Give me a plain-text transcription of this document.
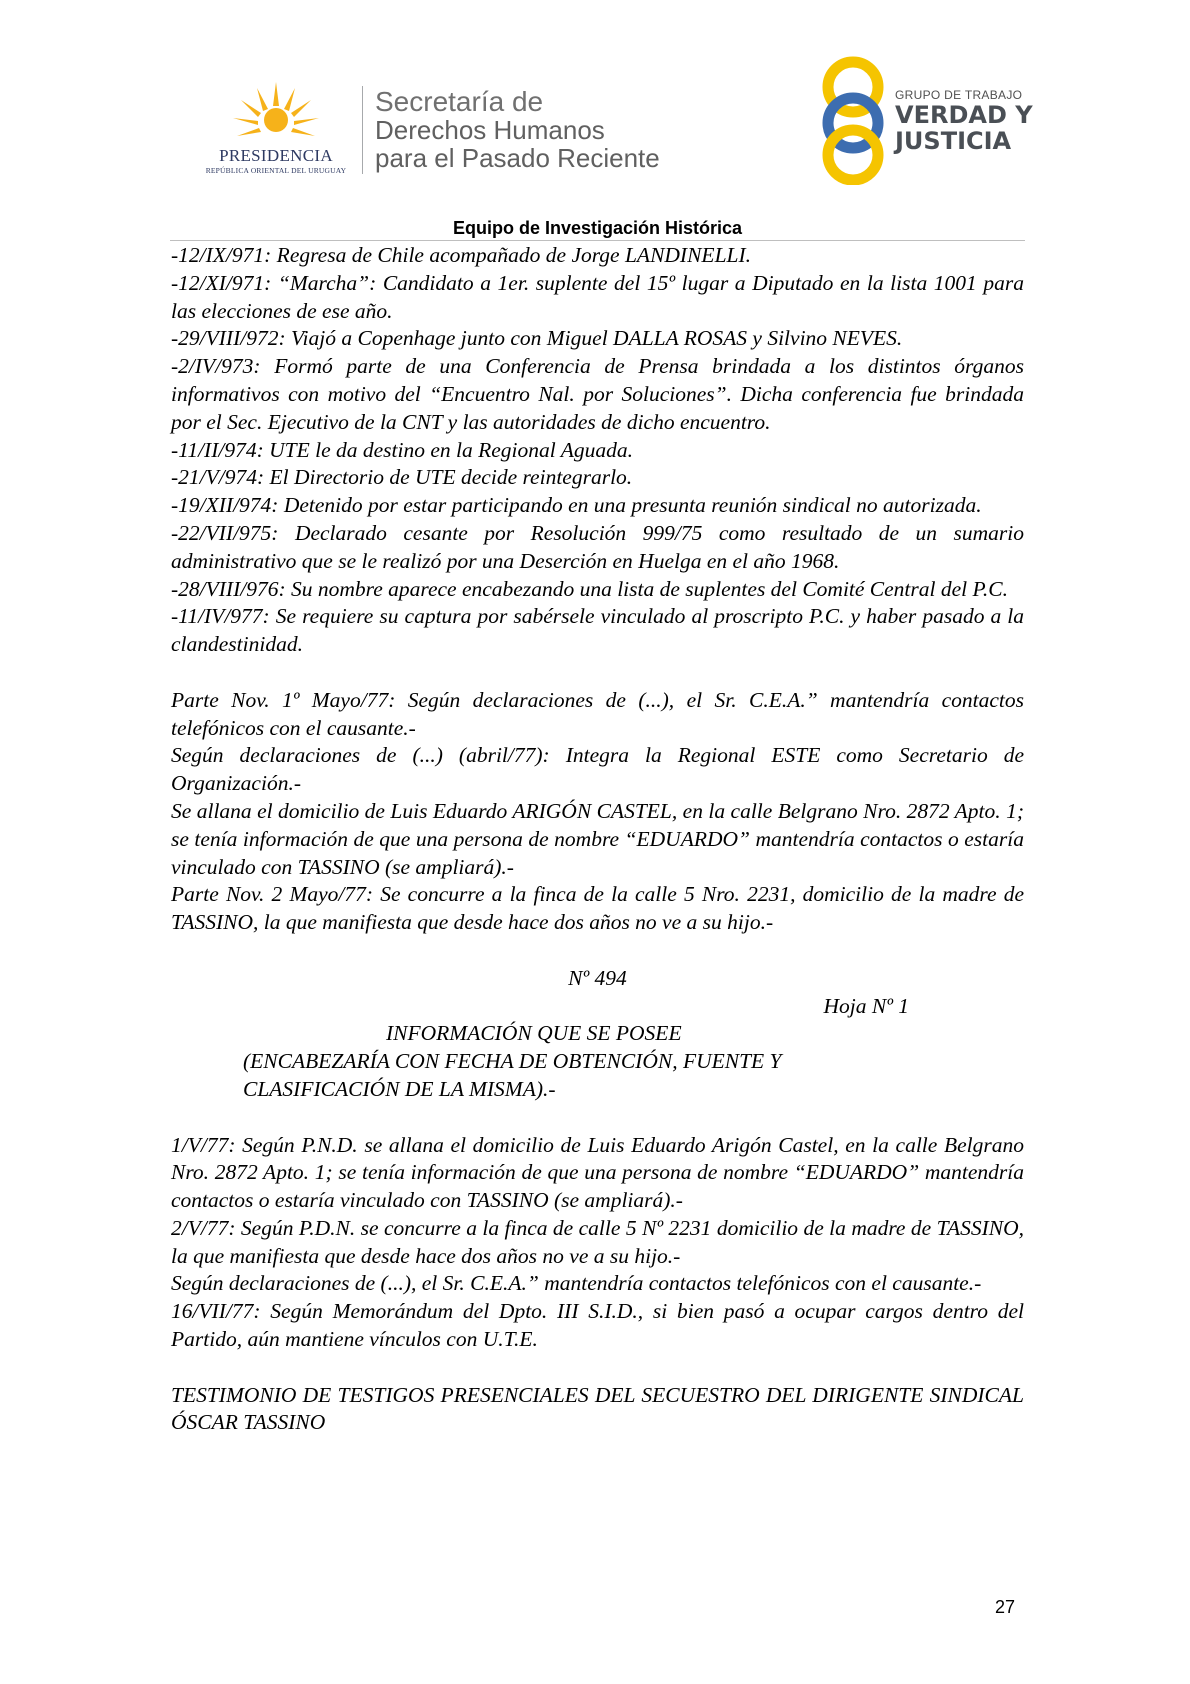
PRESIDENCIA
REPÚBLICA ORIENTAL DEL URUGUAY
Secretaría de
Derechos Humanos
para el Pasado Reciente
GRUPO DE TRABAJO
VERDAD Y
JUSTICIA
Equipo de Investigación Histórica

-12/IX/971: Regresa de Chile acompañado de Jorge LANDINELLI.

-12/XI/971: “Marcha”: Candidato a 1er. suplente del 15º lugar a Diputado en la lista 1001 para las elecciones de ese año.

-29/VIII/972: Viajó a Copenhage junto con Miguel DALLA ROSAS y Silvino NEVES.

-2/IV/973: Formó parte de una Conferencia de Prensa brindada a los distintos órganos informativos con motivo del “Encuentro Nal. por Soluciones”. Dicha conferencia fue brindada por el Sec. Ejecutivo de la CNT y las autoridades de dicho encuentro.

-11/II/974: UTE le da destino en la Regional Aguada.

-21/V/974: El Directorio de UTE decide reintegrarlo.

-19/XII/974: Detenido por estar participando en una presunta reunión sindical no autorizada.

-22/VII/975: Declarado cesante por Resolución 999/75 como resultado de un sumario administrativo que se le realizó por una Deserción en Huelga en el año 1968.

-28/VIII/976: Su nombre aparece encabezando una lista de suplentes del Comité Central del P.C.

-11/IV/977: Se requiere su captura por sabérsele vinculado al proscripto P.C. y haber pasado a la clandestinidad.

Parte Nov. 1º Mayo/77: Según declaraciones de (...), el Sr. C.E.A.” mantendría contactos telefónicos con el causante.-

Según declaraciones de (...) (abril/77): Integra la Regional ESTE como Secretario de Organización.-

Se allana el domicilio de Luis Eduardo ARIGÓN CASTEL, en la calle Belgrano Nro. 2872 Apto. 1; se tenía información de que una persona de nombre “EDUARDO” mantendría contactos o estaría vinculado con TASSINO (se ampliará).-

Parte Nov. 2 Mayo/77: Se concurre a la finca de la calle 5 Nro. 2231, domicilio de la madre de TASSINO, la que manifiesta que desde hace dos años no ve a su hijo.-

Nº 494

Hoja Nº 1

INFORMACIÓN QUE SE POSEE

(ENCABEZARÍA CON FECHA DE OBTENCIÓN, FUENTE Y CLASIFICACIÓN DE LA MISMA).-

1/V/77: Según P.N.D. se allana el domicilio de Luis Eduardo Arigón Castel, en la calle Belgrano Nro. 2872 Apto. 1; se tenía información de que una persona de nombre “EDUARDO” mantendría contactos o estaría vinculado con TASSINO (se ampliará).-

2/V/77: Según P.D.N. se concurre a la finca de calle 5 Nº 2231 domicilio de la madre de TASSINO, la que manifiesta que desde hace dos años no ve a su hijo.-

Según declaraciones de (...), el Sr. C.E.A.” mantendría contactos telefónicos con el causante.-

16/VII/77: Según Memorándum del Dpto. III S.I.D., si bien pasó a ocupar cargos dentro del Partido, aún mantiene vínculos con U.T.E.

TESTIMONIO DE TESTIGOS PRESENCIALES DEL SECUESTRO DEL DIRIGENTE SINDICAL ÓSCAR TASSINO

27
